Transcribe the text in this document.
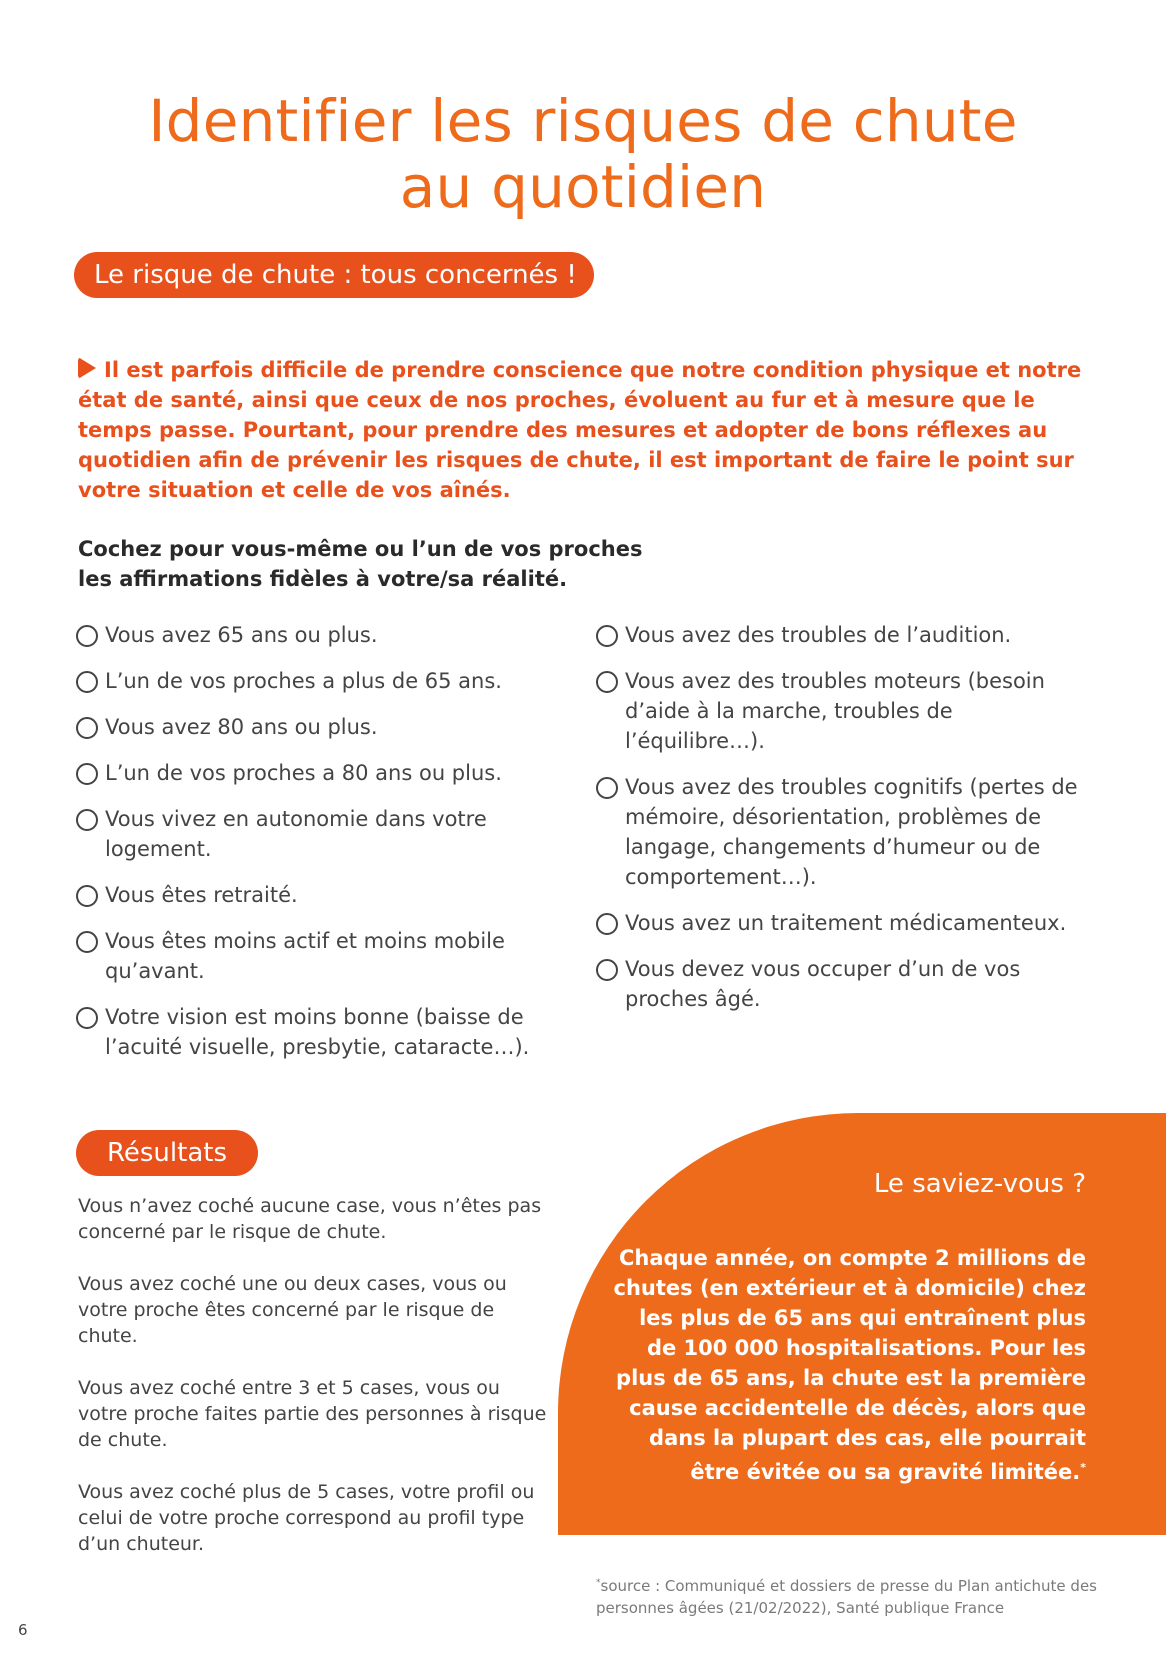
Identifier les risques de chute
au quotidien
Le risque de chute : tous concernés !
Il est parfois difficile de prendre conscience que notre condition physique et notre état de santé, ainsi que ceux de nos proches, évoluent au fur et à mesure que le temps passe. Pourtant, pour prendre des mesures et adopter de bons réflexes au quotidien afin de prévenir les risques de chute, il est important de faire le point sur votre situation et celle de vos aînés.
Cochez pour vous-même ou l’un de vos proches
les affirmations fidèles à votre/sa réalité.
Vous avez 65 ans ou plus.
L’un de vos proches a plus de 65 ans.
Vous avez 80 ans ou plus.
L’un de vos proches a 80 ans ou plus.
Vous vivez en autonomie dans votre logement.
Vous êtes retraité.
Vous êtes moins actif et moins mobile qu’avant.
Votre vision est moins bonne (baisse de l’acuité visuelle, presbytie, cataracte…).
Vous avez des troubles de l’audition.
Vous avez des troubles moteurs (besoin d’aide à la marche, troubles de l’équilibre…).
Vous avez des troubles cognitifs (pertes de mémoire, désorientation, problèmes de langage, changements d’humeur ou de comportement…).
Vous avez un traitement médicamenteux.
Vous devez vous occuper d’un de vos proches âgé.
Résultats

Vous n’avez coché aucune case, vous n’êtes pas concerné par le risque de chute.

Vous avez coché une ou deux cases, vous ou votre proche êtes concerné par le risque de chute.

Vous avez coché entre 3 et 5 cases, vous ou votre proche faites partie des personnes à risque de chute.

Vous avez coché plus de 5 cases, votre profil ou celui de votre proche correspond au profil type d’un chuteur.

Le saviez-vous ?
Chaque année, on compte 2 millions de chutes (en extérieur et à domicile) chez les plus de 65 ans qui entraînent plus de 100 000 hospitalisations. Pour les plus de 65 ans, la chute est la première cause accidentelle de décès, alors que dans la plupart des cas, elle pourrait être évitée ou sa gravité limitée.*
*source : Communiqué et dossiers de presse du Plan antichute des personnes âgées (21/02/2022), Santé publique France
6
